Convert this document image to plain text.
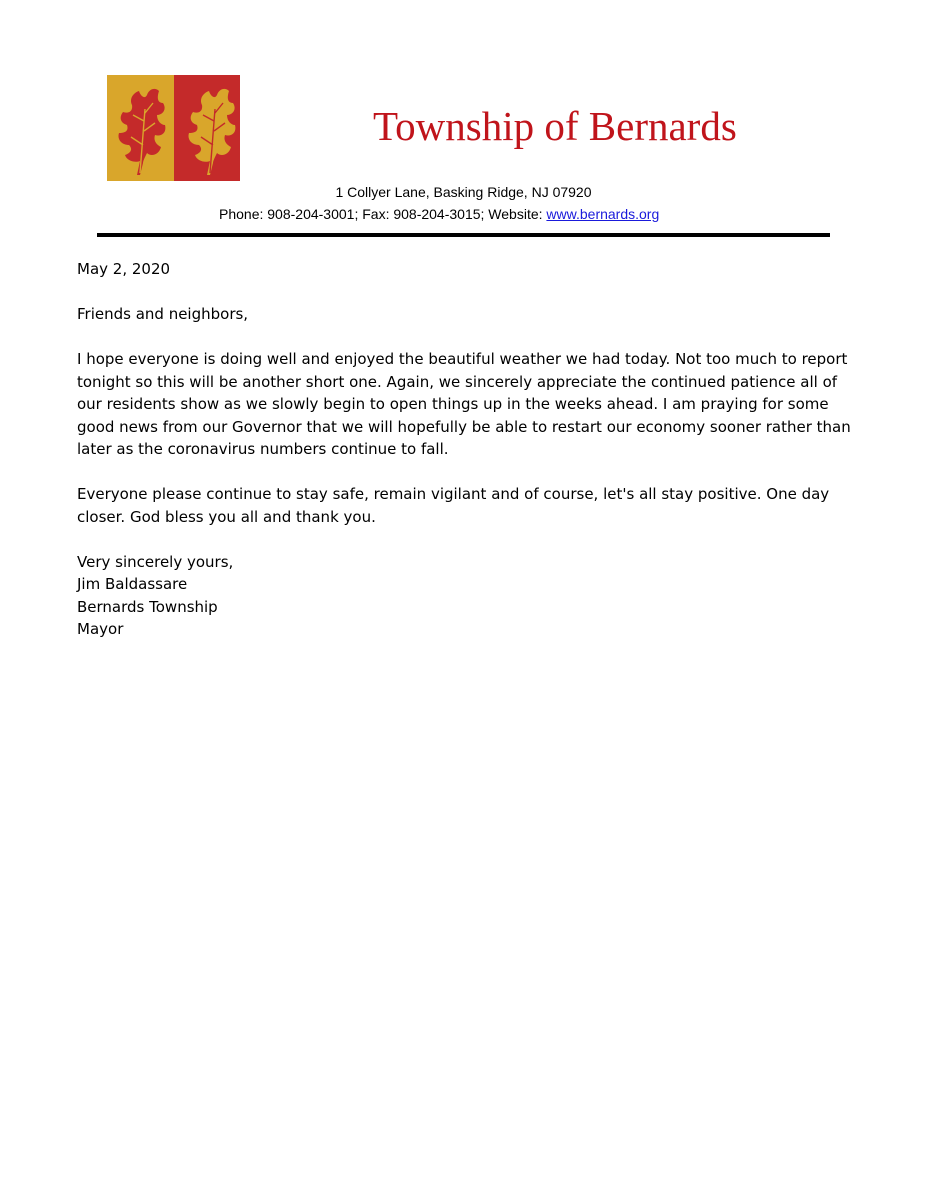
Township of Bernards
1 Collyer Lane, Basking Ridge, NJ 07920
Phone: 908-204-3001; Fax: 908-204-3015; Website: www.bernards.org

May 2, 2020

Friends and neighbors,

I hope everyone is doing well and enjoyed the beautiful weather we had today. Not too much to report tonight so this will be another short one. Again, we sincerely appreciate the continued patience all of our residents show as we slowly begin to open things up in the weeks ahead. I am praying for some good news from our Governor that we will hopefully be able to restart our economy sooner rather than later as the coronavirus numbers continue to fall.

Everyone please continue to stay safe, remain vigilant and of course, let's all stay positive. One day closer. God bless you all and thank you.

Very sincerely yours,
Jim Baldassare
Bernards Township
Mayor
